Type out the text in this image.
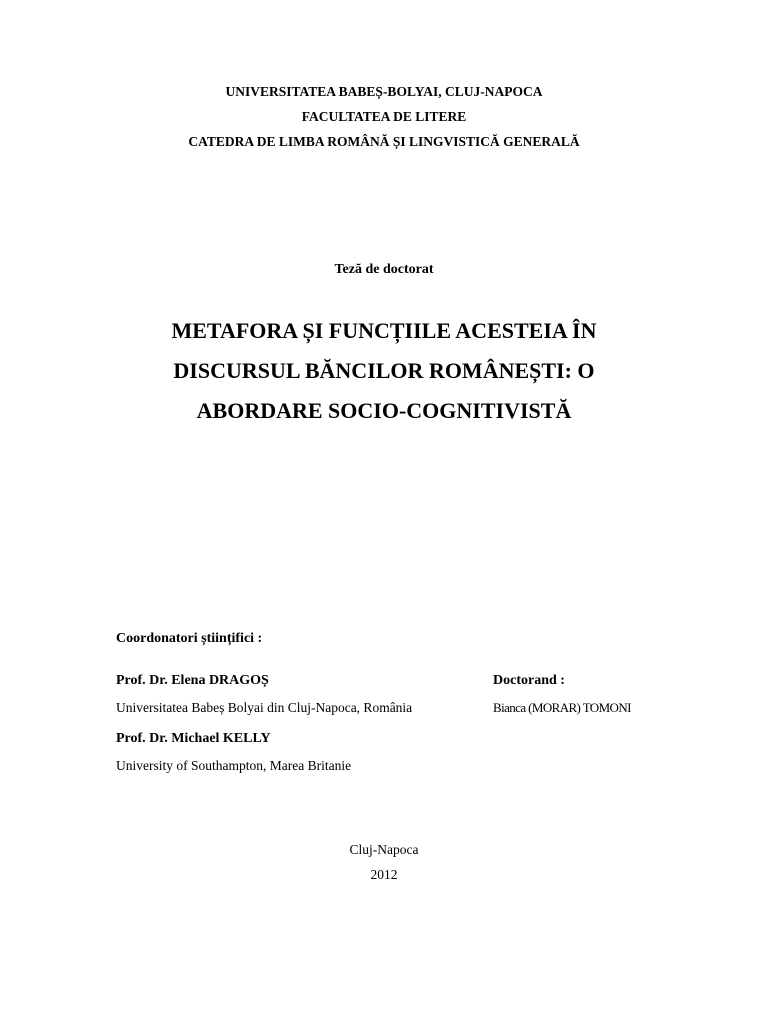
UNIVERSITATEA BABEȘ-BOLYAI, CLUJ-NAPOCA
FACULTATEA DE LITERE
CATEDRA DE LIMBA ROMÂNĂ ȘI LINGVISTICĂ GENERALĂ
Teză de doctorat
METAFORA ȘI FUNCȚIILE ACESTEIA ÎN
DISCURSUL BĂNCILOR ROMÂNEȘTI: O
ABORDARE SOCIO-COGNITIVISTĂ
Coordonatori științifici :
Prof. Dr. Elena DRAGOȘ
Universitatea Babeș Bolyai din Cluj-Napoca, România
Prof. Dr. Michael KELLY
University of Southampton, Marea Britanie
Doctorand :
Bianca (MORAR) TOMONI
Cluj-Napoca
2012
